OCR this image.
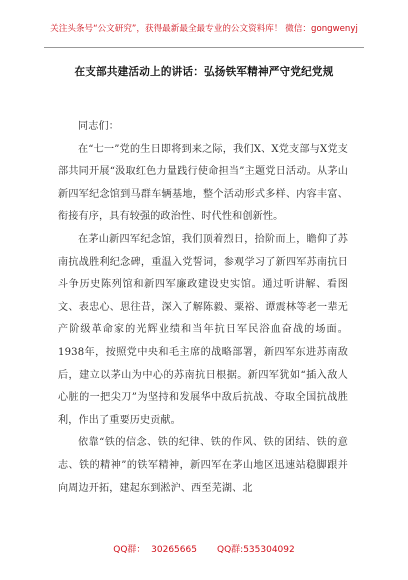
关注头条号“公文研究”，获得最新最全最专业的公文资料库！ 微信：gongwenyj
在支部共建活动上的讲话：弘扬铁军精神严守党纪党规

同志们：

在“七一”党的生日即将到来之际，我们X、X党支部与X党支部共同开展“汲取红色力量践行使命担当”主题党日活动。从茅山新四军纪念馆到马群车辆基地，整个活动形式多样、内容丰富、衔接有序，具有较强的政治性、时代性和创新性。

在茅山新四军纪念馆，我们顶着烈日，拾阶而上，瞻仰了苏南抗战胜利纪念碑，重温入党誓词，参观学习了新四军苏南抗日斗争历史陈列馆和新四军廉政建设史实馆。通过听讲解、看图文、表忠心、思往昔，深入了解陈毅、粟裕、谭震林等老一辈无产阶级革命家的光辉业绩和当年抗日军民浴血奋战的场面。1938年，按照党中央和毛主席的战略部署，新四军东进苏南敌后，建立以茅山为中心的苏南抗日根据。新四军犹如“插入敌人心脏的一把尖刀”为坚持和发展华中敌后抗战、夺取全国抗战胜利，作出了重要历史贡献。

依靠“铁的信念、铁的纪律、铁的作风、铁的团结、铁的意志、铁的精神”的铁军精神，新四军在茅山地区迅速站稳脚跟并向周边开拓，建起东到淞沪、西至芜湖、北

QQ群：  30265665       QQ群:535304092
